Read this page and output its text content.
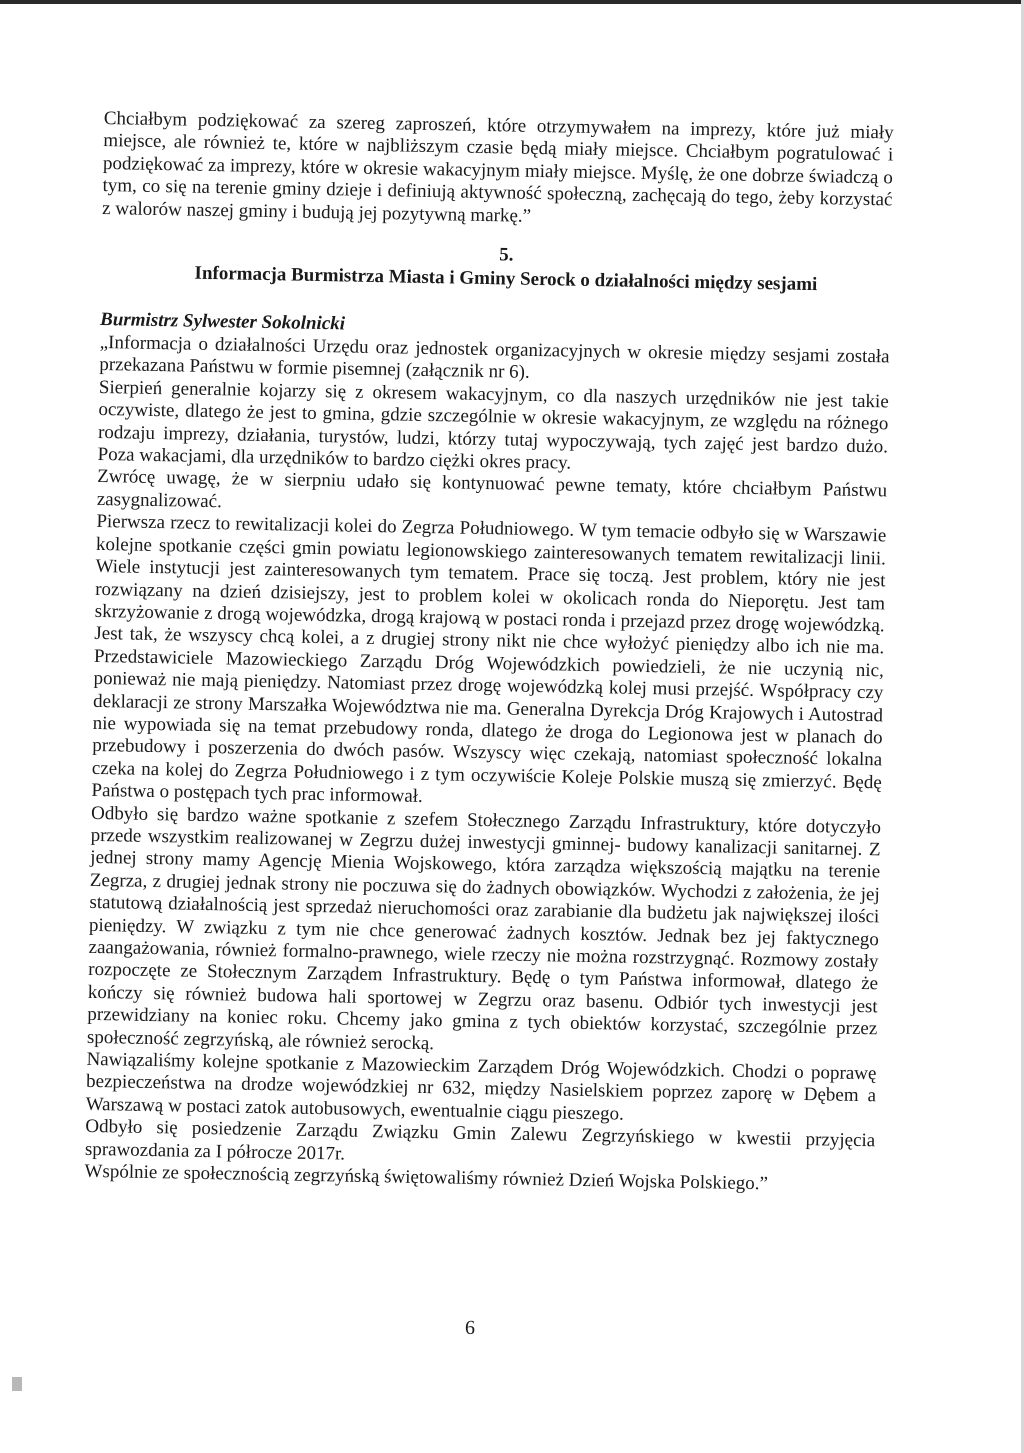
Chciałbym podziękować za szereg zaproszeń, które otrzymywałem na imprezy, które już miały miejsce, ale również te, które w najbliższym czasie będą miały miejsce. Chciałbym pogratulować i podziękować za imprezy, które w okresie wakacyjnym miały miejsce. Myślę, że one dobrze świadczą o tym, co się na terenie gminy dzieje i definiują aktywność społeczną, zachęcają do tego, żeby korzystać z walorów naszej gminy i budują jej pozytywną markę.”

5.
Informacja Burmistrza Miasta i Gminy Serock o działalności między sesjami
Burmistrz Sylwester Sokolnicki

„Informacja o działalności Urzędu oraz jednostek organizacyjnych w okresie między sesjami została przekazana Państwu w formie pisemnej (załącznik nr 6).

Sierpień generalnie kojarzy się z okresem wakacyjnym, co dla naszych urzędników nie jest takie oczywiste, dlatego że jest to gmina, gdzie szczególnie w okresie wakacyjnym, ze względu na różnego rodzaju imprezy, działania, turystów, ludzi, którzy tutaj wypoczywają, tych zajęć jest bardzo dużo. Poza wakacjami, dla urzędników to bardzo ciężki okres pracy.

Zwrócę uwagę, że w sierpniu udało się kontynuować pewne tematy, które chciałbym Państwu zasygnalizować.

Pierwsza rzecz to rewitalizacji kolei do Zegrza Południowego. W tym temacie odbyło się w Warszawie kolejne spotkanie części gmin powiatu legionowskiego zainteresowanych tematem rewitalizacji linii. Wiele instytucji jest zainteresowanych tym tematem. Prace się toczą. Jest problem, który nie jest rozwiązany na dzień dzisiejszy, jest to problem kolei w okolicach ronda do Nieporętu. Jest tam skrzyżowanie z drogą wojewódzka, drogą krajową w postaci ronda i przejazd przez drogę wojewódzką. Jest tak, że wszyscy chcą kolei, a z drugiej strony nikt nie chce wyłożyć pieniędzy albo ich nie ma. Przedstawiciele Mazowieckiego Zarządu Dróg Wojewódzkich powiedzieli, że nie uczynią nic, ponieważ nie mają pieniędzy. Natomiast przez drogę wojewódzką kolej musi przejść. Współpracy czy deklaracji ze strony Marszałka Województwa nie ma. Generalna Dyrekcja Dróg Krajowych i Autostrad nie wypowiada się na temat przebudowy ronda, dlatego że droga do Legionowa jest w planach do przebudowy i poszerzenia do dwóch pasów. Wszyscy więc czekają, natomiast społeczność lokalna czeka na kolej do Zegrza Południowego i z tym oczywiście Koleje Polskie muszą się zmierzyć. Będę Państwa o postępach tych prac informował.

Odbyło się bardzo ważne spotkanie z szefem Stołecznego Zarządu Infrastruktury, które dotyczyło przede wszystkim realizowanej w Zegrzu dużej inwestycji gminnej- budowy kanalizacji sanitarnej. Z jednej strony mamy Agencję Mienia Wojskowego, która zarządza większością majątku na terenie Zegrza, z drugiej jednak strony nie poczuwa się do żadnych obowiązków. Wychodzi z założenia, że jej statutową działalnością jest sprzedaż nieruchomości oraz zarabianie dla budżetu jak największej ilości pieniędzy. W związku z tym nie chce generować żadnych kosztów. Jednak bez jej faktycznego zaangażowania, również formalno-prawnego, wiele rzeczy nie można rozstrzygnąć. Rozmowy zostały rozpoczęte ze Stołecznym Zarządem Infrastruktury. Będę o tym Państwa informował, dlatego że kończy się również budowa hali sportowej w Zegrzu oraz basenu. Odbiór tych inwestycji jest przewidziany na koniec roku. Chcemy jako gmina z tych obiektów korzystać, szczególnie przez społeczność zegrzyńską, ale również serocką.

Nawiązaliśmy kolejne spotkanie z Mazowieckim Zarządem Dróg Wojewódzkich. Chodzi o poprawę bezpieczeństwa na drodze wojewódzkiej nr 632, między Nasielskiem poprzez zaporę w Dębem a Warszawą w postaci zatok autobusowych, ewentualnie ciągu pieszego.

Odbyło się posiedzenie Zarządu Związku Gmin Zalewu Zegrzyńskiego w kwestii przyjęcia sprawozdania za I półrocze 2017r.

Wspólnie ze społecznością zegrzyńską świętowaliśmy również Dzień Wojska Polskiego.”

6
